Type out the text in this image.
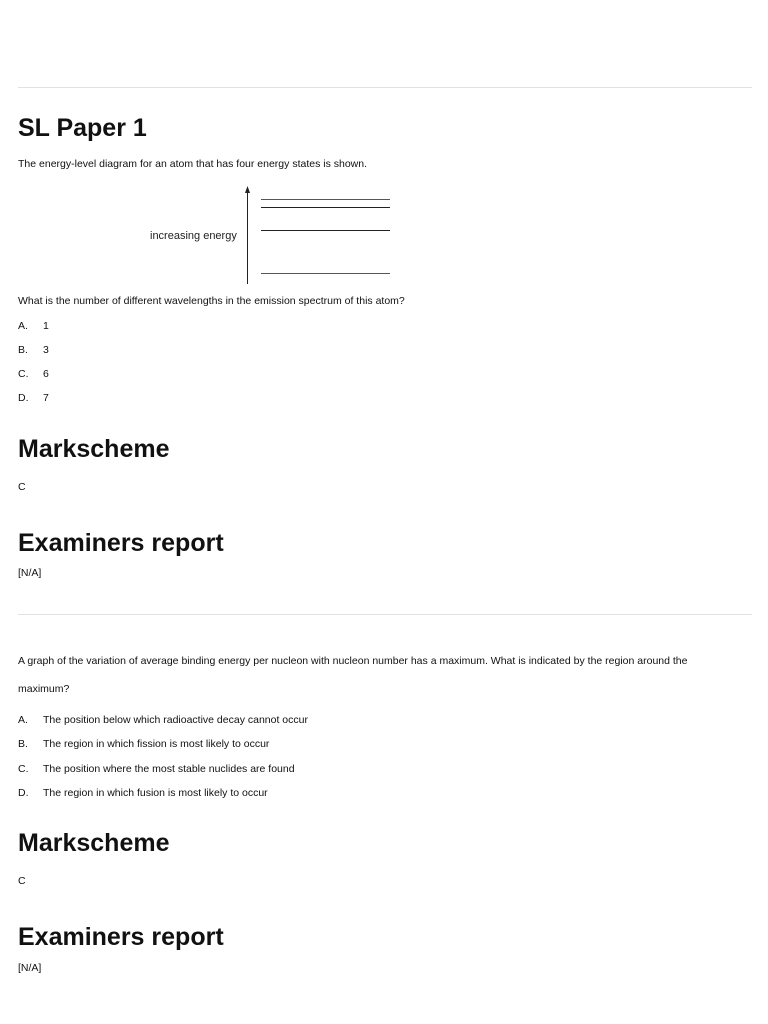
SL Paper 1
The energy-level diagram for an atom that has four energy states is shown.
increasing energy
What is the number of different wavelengths in the emission spectrum of this atom?
A. 1
B. 3
C. 6
D. 7
Markscheme
C
Examiners report
[N/A]
A graph of the variation of average binding energy per nucleon with nucleon number has a maximum. What is indicated by the region around the
maximum?
A. The position below which radioactive decay cannot occur
B. The region in which fission is most likely to occur
C. The position where the most stable nuclides are found
D. The region in which fusion is most likely to occur
Markscheme
C
Examiners report
[N/A]
